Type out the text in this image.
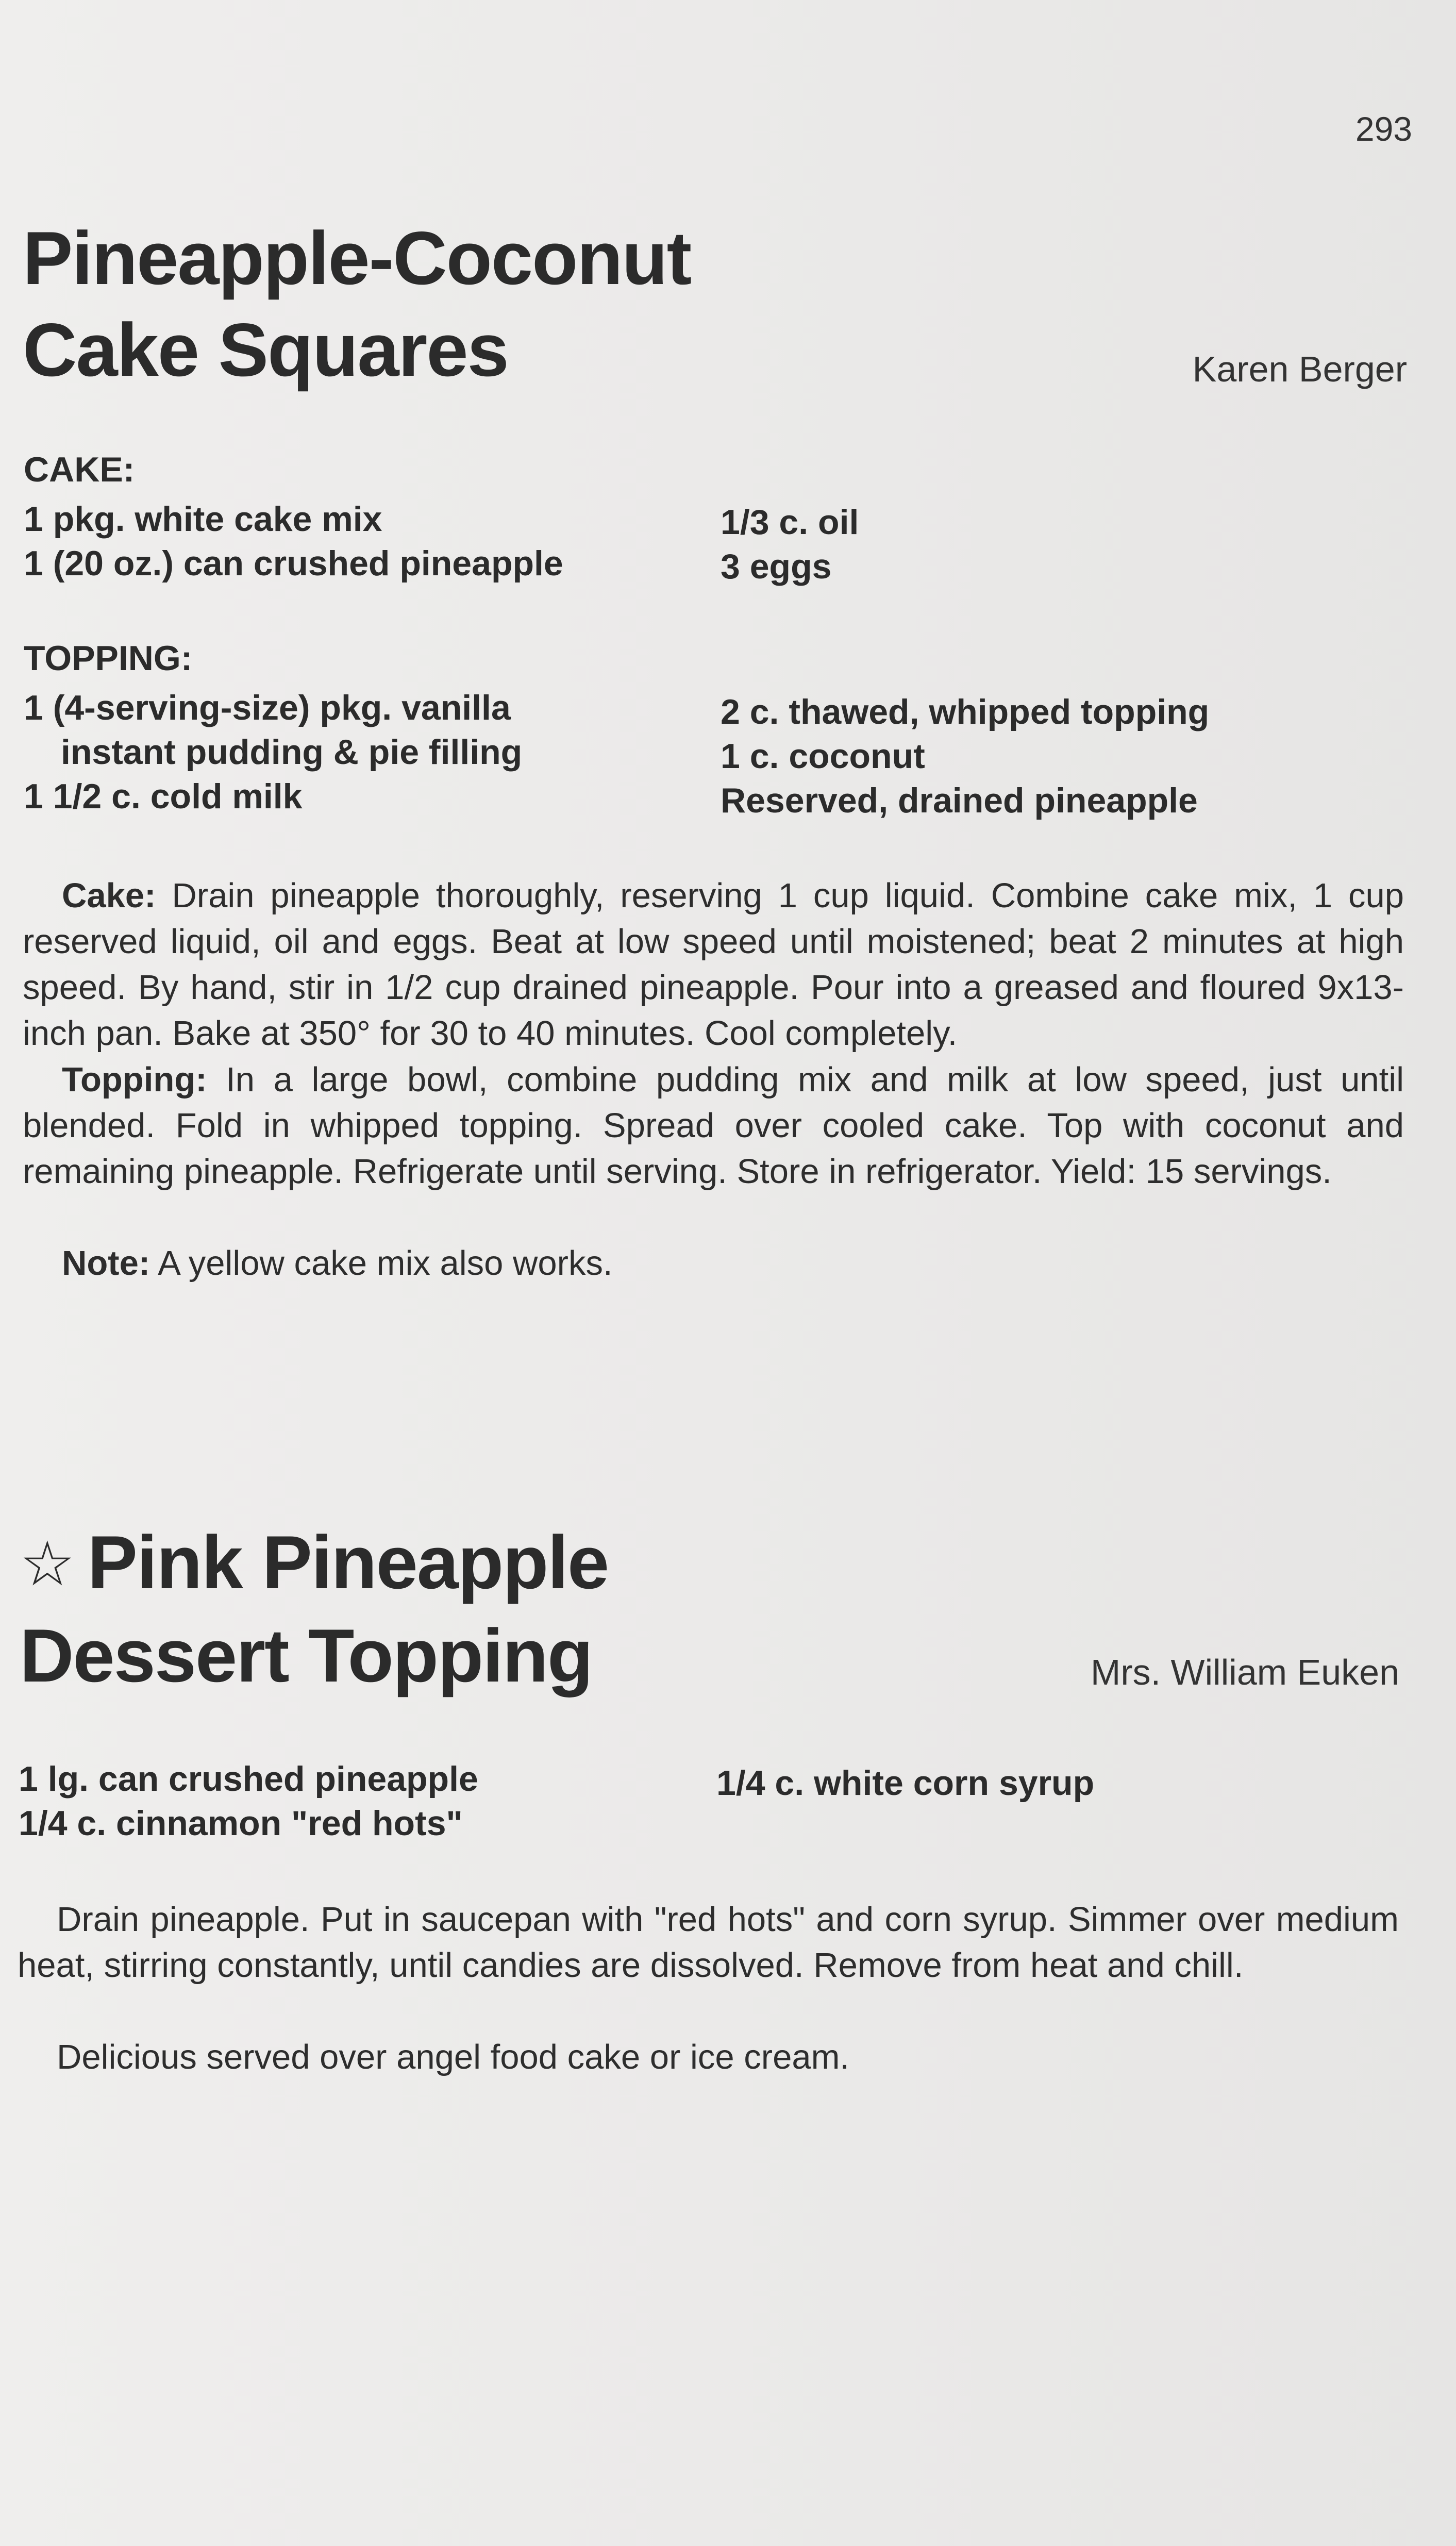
293
Pineapple-Coconut
Cake Squares	Karen Berger
CAKE:
1 pkg. white cake mix
1 (20 oz.) can crushed pineapple
1/3 c. oil
3 eggs
TOPPING:
1 (4-serving-size) pkg. vanilla
instant pudding & pie filling
1 1/2 c. cold milk
2 c. thawed, whipped topping
1 c. coconut
Reserved, drained pineapple

Cake: Drain pineapple thoroughly, reserving 1 cup liquid. Combine cake mix, 1 cup reserved liquid, oil and eggs. Beat at low speed until moistened; beat 2 minutes at high speed. By hand, stir in 1/2 cup drained pineapple. Pour into a greased and floured 9x13-inch pan. Bake at 350° for 30 to 40 minutes. Cool completely.

Topping: In a large bowl, combine pudding mix and milk at low speed, just until blended. Fold in whipped topping. Spread over cooled cake. Top with coconut and remaining pineapple. Refrigerate until serving. Store in refrigerator. Yield: 15 servings.

Note: A yellow cake mix also works.

☆ Pink Pineapple
Dessert Topping	Mrs. William Euken
1 lg. can crushed pineapple
1/4 c. cinnamon "red hots"
1/4 c. white corn syrup

Drain pineapple. Put in saucepan with "red hots" and corn syrup. Simmer over medium heat, stirring constantly, until candies are dissolved. Remove from heat and chill.

Delicious served over angel food cake or ice cream.
